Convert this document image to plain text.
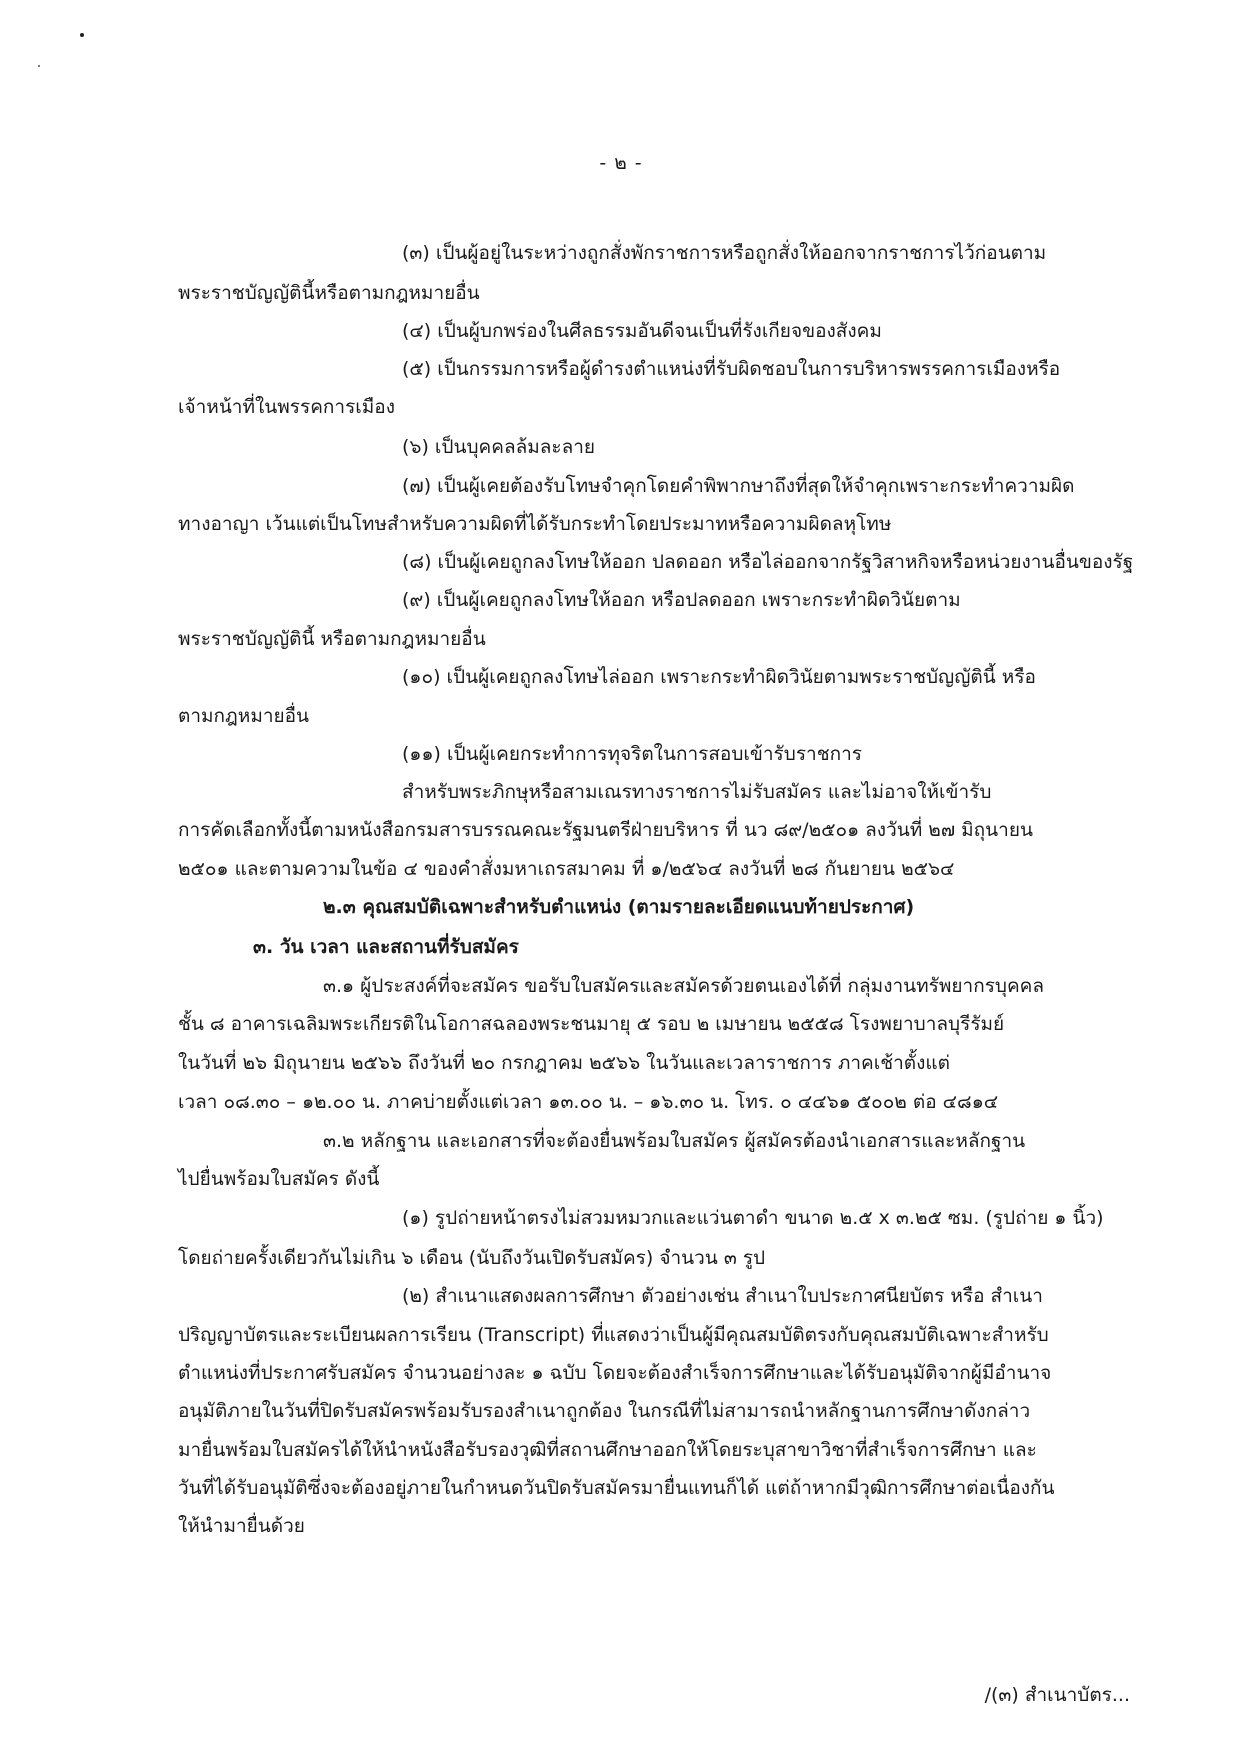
- ๒ -
(๓) เป็นผู้อยู่ในระหว่างถูกสั่งพักราชการหรือถูกสั่งให้ออกจากราชการไว้ก่อนตาม
พระราชบัญญัตินี้หรือตามกฎหมายอื่น
(๔) เป็นผู้บกพร่องในศีลธรรมอันดีจนเป็นที่รังเกียจของสังคม
(๕) เป็นกรรมการหรือผู้ดำรงตำแหน่งที่รับผิดชอบในการบริหารพรรคการเมืองหรือ
เจ้าหน้าที่ในพรรคการเมือง
(๖) เป็นบุคคลล้มละลาย
(๗) เป็นผู้เคยต้องรับโทษจำคุกโดยคำพิพากษาถึงที่สุดให้จำคุกเพราะกระทำความผิด
ทางอาญา เว้นแต่เป็นโทษสำหรับความผิดที่ได้รับกระทำโดยประมาทหรือความผิดลหุโทษ
(๘) เป็นผู้เคยถูกลงโทษให้ออก ปลดออก หรือไล่ออกจากรัฐวิสาหกิจหรือหน่วยงานอื่นของรัฐ
(๙) เป็นผู้เคยถูกลงโทษให้ออก หรือปลดออก เพราะกระทำผิดวินัยตาม
พระราชบัญญัตินี้ หรือตามกฎหมายอื่น
(๑๐) เป็นผู้เคยถูกลงโทษไล่ออก เพราะกระทำผิดวินัยตามพระราชบัญญัตินี้ หรือ
ตามกฎหมายอื่น
(๑๑) เป็นผู้เคยกระทำการทุจริตในการสอบเข้ารับราชการ
สำหรับพระภิกษุหรือสามเณรทางราชการไม่รับสมัคร และไม่อาจให้เข้ารับ
การคัดเลือกทั้งนี้ตามหนังสือกรมสารบรรณคณะรัฐมนตรีฝ่ายบริหาร ที่ นว ๘๙/๒๕๐๑ ลงวันที่ ๒๗ มิถุนายน
๒๕๐๑ และตามความในข้อ ๔ ของคำสั่งมหาเถรสมาคม ที่ ๑/๒๕๖๔ ลงวันที่ ๒๘ กันยายน ๒๕๖๔
๒.๓ คุณสมบัติเฉพาะสำหรับตำแหน่ง (ตามรายละเอียดแนบท้ายประกาศ)
๓. วัน เวลา และสถานที่รับสมัคร
๓.๑ ผู้ประสงค์ที่จะสมัคร ขอรับใบสมัครและสมัครด้วยตนเองได้ที่ กลุ่มงานทรัพยากรบุคคล
ชั้น ๘ อาคารเฉลิมพระเกียรติในโอกาสฉลองพระชนมายุ ๕ รอบ ๒ เมษายน ๒๕๕๘ โรงพยาบาลบุรีรัมย์
ในวันที่ ๒๖ มิถุนายน ๒๕๖๖ ถึงวันที่ ๒๐ กรกฎาคม ๒๕๖๖ ในวันและเวลาราชการ ภาคเช้าตั้งแต่
เวลา ๐๘.๓๐ – ๑๒.๐๐ น. ภาคบ่ายตั้งแต่เวลา ๑๓.๐๐ น. – ๑๖.๓๐ น. โทร. ๐ ๔๔๖๑ ๕๐๐๒ ต่อ ๔๘๑๔
๓.๒ หลักฐาน และเอกสารที่จะต้องยื่นพร้อมใบสมัคร ผู้สมัครต้องนำเอกสารและหลักฐาน
ไปยื่นพร้อมใบสมัคร ดังนี้
(๑) รูปถ่ายหน้าตรงไม่สวมหมวกและแว่นตาดำ ขนาด ๒.๕ x ๓.๒๕ ซม. (รูปถ่าย ๑ นิ้ว)
โดยถ่ายครั้งเดียวกันไม่เกิน ๖ เดือน (นับถึงวันเปิดรับสมัคร) จำนวน ๓ รูป
(๒) สำเนาแสดงผลการศึกษา ตัวอย่างเช่น สำเนาใบประกาศนียบัตร หรือ สำเนา
ปริญญาบัตรและระเบียนผลการเรียน (Transcript) ที่แสดงว่าเป็นผู้มีคุณสมบัติตรงกับคุณสมบัติเฉพาะสำหรับ
ตำแหน่งที่ประกาศรับสมัคร จำนวนอย่างละ ๑ ฉบับ โดยจะต้องสำเร็จการศึกษาและได้รับอนุมัติจากผู้มีอำนาจ
อนุมัติภายในวันที่ปิดรับสมัครพร้อมรับรองสำเนาถูกต้อง ในกรณีที่ไม่สามารถนำหลักฐานการศึกษาดังกล่าว
มายื่นพร้อมใบสมัครได้ให้นำหนังสือรับรองวุฒิที่สถานศึกษาออกให้โดยระบุสาขาวิชาที่สำเร็จการศึกษา และ
วันที่ได้รับอนุมัติซึ่งจะต้องอยู่ภายในกำหนดวันปิดรับสมัครมายื่นแทนก็ได้ แต่ถ้าหากมีวุฒิการศึกษาต่อเนื่องกัน
ให้นำมายื่นด้วย
/(๓) สำเนาบัตร...
